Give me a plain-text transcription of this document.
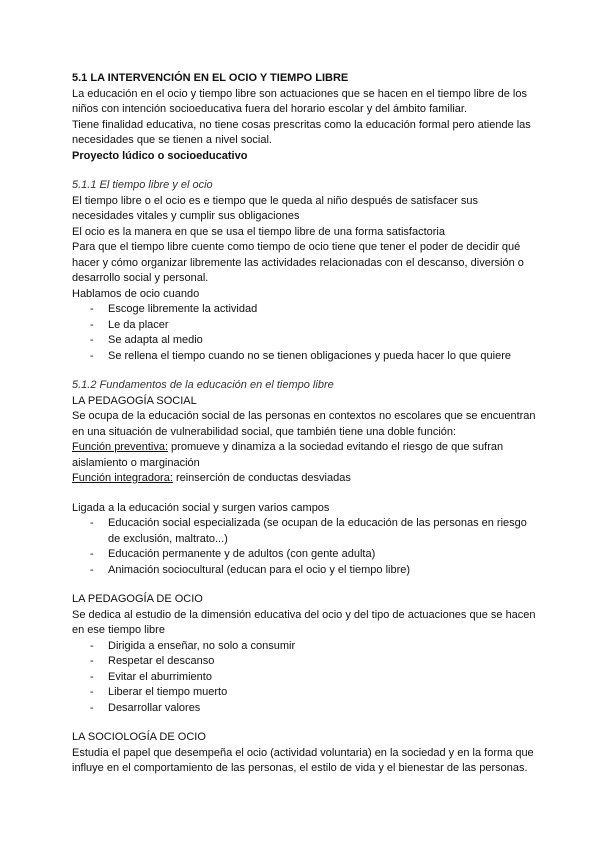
5.1 LA INTERVENCIÓN EN EL OCIO Y TIEMPO LIBRE

La educación en el ocio y tiempo libre son actuaciones que se hacen en el tiempo libre de los niños con intención socioeducativa fuera del horario escolar y del ámbito familiar.

Tiene finalidad educativa, no tiene cosas prescritas como la educación formal pero atiende las necesidades que se tienen a nivel social.

Proyecto lúdico o socioeducativo

5.1.1 El tiempo libre y el ocio

El tiempo libre o el ocio es e tiempo que le queda al niño después de satisfacer sus necesidades vitales y cumplir sus obligaciones

El ocio es la manera en que se usa el tiempo libre de una forma satisfactoria

Para que el tiempo libre cuente como tiempo de ocio tiene que tener el poder de decidir qué hacer y cómo organizar libremente las actividades relacionadas con el descanso, diversión o desarrollo social y personal.

Hablamos de ocio cuando

- Escoge libremente la actividad
- Le da placer
- Se adapta al medio
- Se rellena el tiempo cuando no se tienen obligaciones y pueda hacer lo que quiere

5.1.2 Fundamentos de la educación en el tiempo libre

LA PEDAGOGÍA SOCIAL

Se ocupa de la educación social de las personas en contextos no escolares que se encuentran en una situación de vulnerabilidad social, que también tiene una doble función:

Función preventiva: promueve y dinamiza a la sociedad evitando el riesgo de que sufran aislamiento o marginación

Función integradora: reinserción de conductas desviadas

Ligada a la educación social y surgen varios campos

- Educación social especializada (se ocupan de la educación de las personas en riesgo de exclusión, maltrato...)
- Educación permanente y de adultos (con gente adulta)
- Animación sociocultural (educan para el ocio y el tiempo libre)

LA PEDAGOGÍA DE OCIO

Se dedica al estudio de la dimensión educativa del ocio y del tipo de actuaciones que se hacen en ese tiempo libre

- Dirigida a enseñar, no solo a consumir
- Respetar el descanso
- Evitar el aburrimiento
- Liberar el tiempo muerto
- Desarrollar valores

LA SOCIOLOGÍA DE OCIO

Estudia el papel que desempeña el ocio (actividad voluntaria) en la sociedad y en la forma que influye en el comportamiento de las personas, el estilo de vida y el bienestar de las personas.
